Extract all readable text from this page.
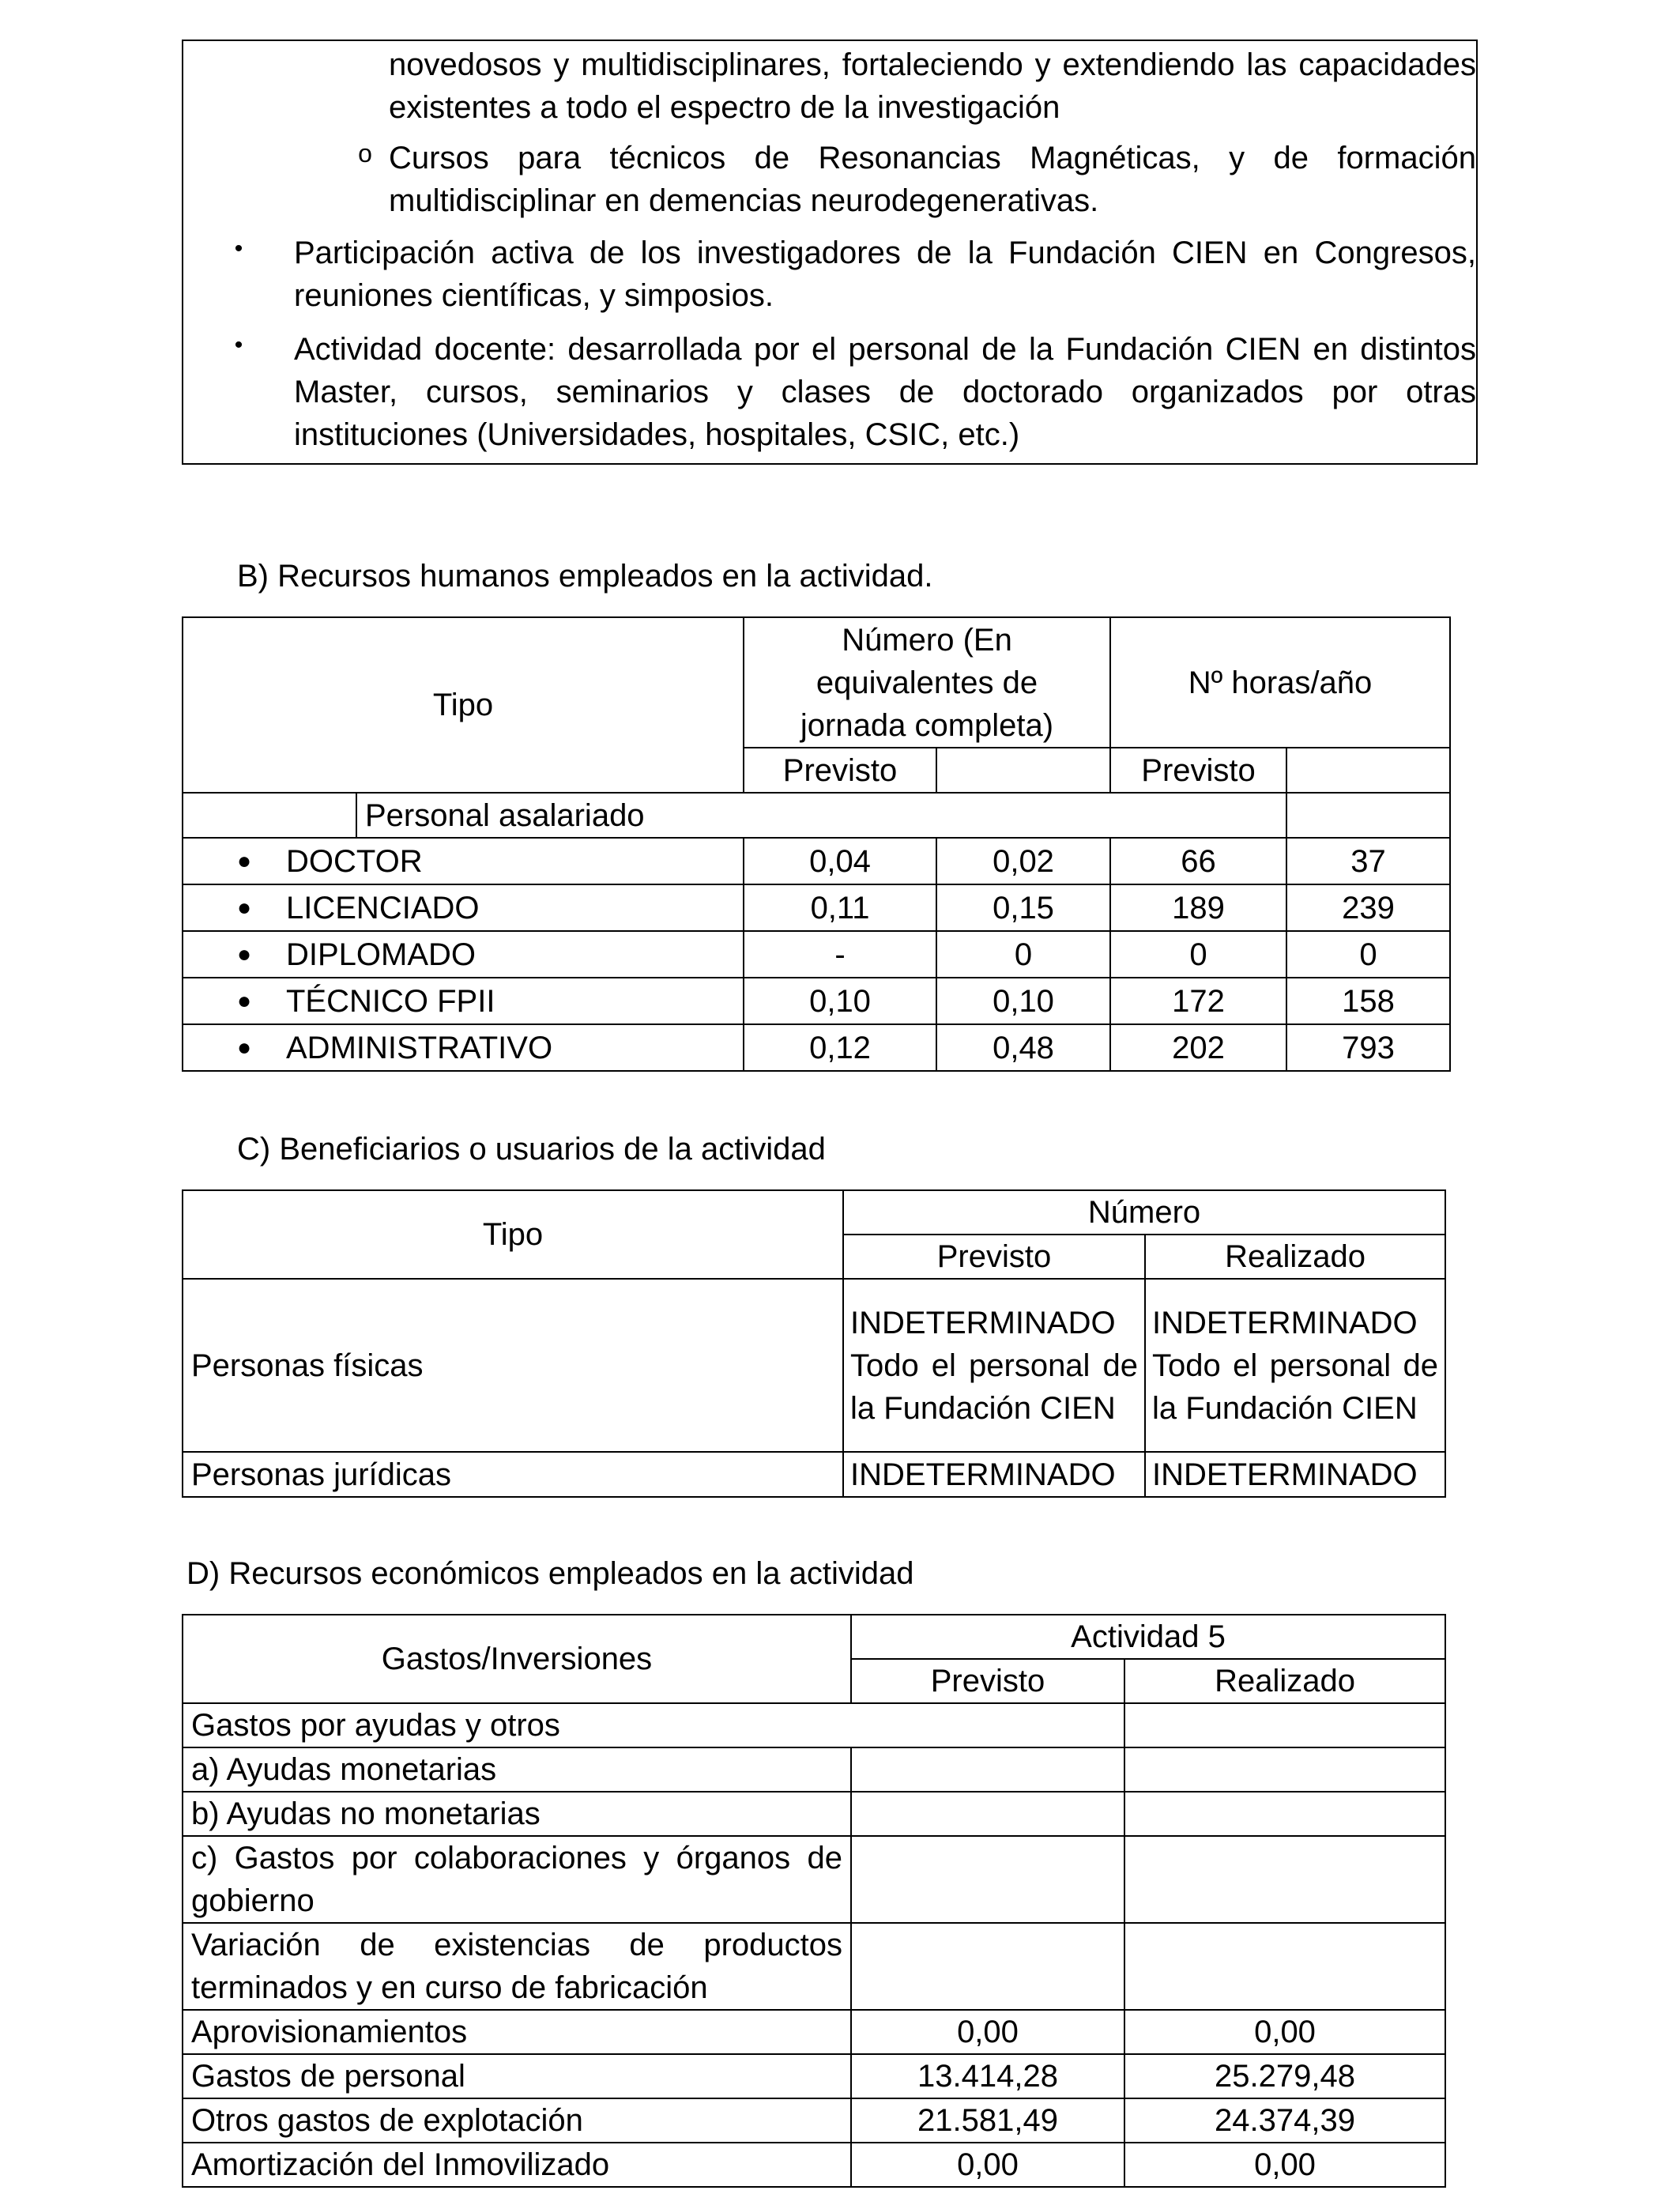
novedosos y multidisciplinares, fortaleciendo y extendiendo las capacidades existentes a todo el espectro de la investigación
o Cursos para técnicos de Resonancias Magnéticas, y de formación multidisciplinar en demencias neurodegenerativas.
•	Participación activa de los investigadores de la Fundación CIEN en Congresos, reuniones científicas, y simposios.
•	Actividad docente: desarrollada por el personal de la Fundación CIEN en distintos Master, cursos, seminarios y clases de doctorado organizados por otras instituciones (Universidades, hospitales, CSIC, etc.)
B) Recursos humanos empleados en la actividad.
Tipo		Número (En equivalentes de jornada completa)		Nº horas/año	
		Previsto		Previsto	
	Personal asalariado				

● DOCTOR		0,04	0,02	66	37

● LICENCIADO		0,11	0,15	189	239

● DIPLOMADO		-	0	0	0

● TÉCNICO FPII		0,10	0,10	172	158

● ADMINISTRATIVO		0,12	0,48	202	793
C) Beneficiarios o usuarios de la actividad
Tipo	Número	
	Previsto	Realizado
Personas físicas	INDETERMINADO Todo el personal de la Fundación CIEN	INDETERMINADO Todo el personal de la Fundación CIEN
Personas jurídicas	INDETERMINADO	INDETERMINADO
D) Recursos económicos empleados en la actividad
Gastos/Inversiones	Actividad 5	
	Previsto	Realizado
Gastos por ayudas y otros		
a) Ayudas monetarias		
b) Ayudas no monetarias		
c) Gastos por colaboraciones y órganos de gobierno		
Variación de existencias de productos terminados y en curso de fabricación		
Aprovisionamientos	0,00	0,00
Gastos de personal	13.414,28	25.279,48
Otros gastos de explotación	21.581,49	24.374,39
Amortización del Inmovilizado	0,00	0,00
